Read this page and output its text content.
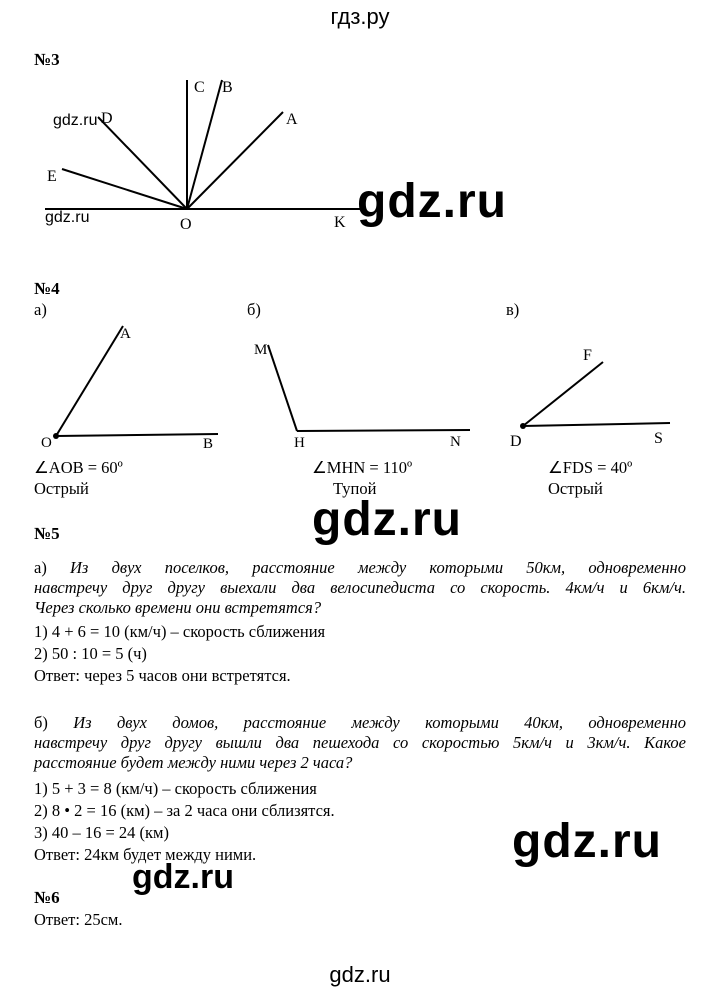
гдз.ру
№3
C B
D	A
E
O	K
A
O	B
M
H	N
F
D	S
gdz.ru
gdz.ru	gdz.ru
№4
а)	б)	в)
∠AOB = 60º
Острый
∠MHN = 110º
Тупой
∠FDS = 40º
Острый
gdz.ru
№5
а) Из двух поселков, расстояние между которыми 50км, одновременно
навстречу друг другу выехали два велосипедиста со скорость. 4км/ч и 6км/ч.
Через сколько времени они встретятся?
1) 4 + 6 = 10 (км/ч) – скорость сближения
2) 50 : 10 = 5 (ч)
Ответ: через 5 часов они встретятся.
б) Из двух домов, расстояние между которыми 40км, одновременно
навстречу друг другу вышли два пешехода со скоростью 5км/ч и 3км/ч. Какое
расстояние будет между ними через 2 часа?
1) 5 + 3 = 8 (км/ч) – скорость сближения
2) 8 • 2 = 16 (км) – за 2 часа они сблизятся.
3) 40 – 16 = 24 (км)
Ответ: 24км будет между ними.	gdz.ru
gdz.ru
№6
Ответ: 25см.
gdz.ru
